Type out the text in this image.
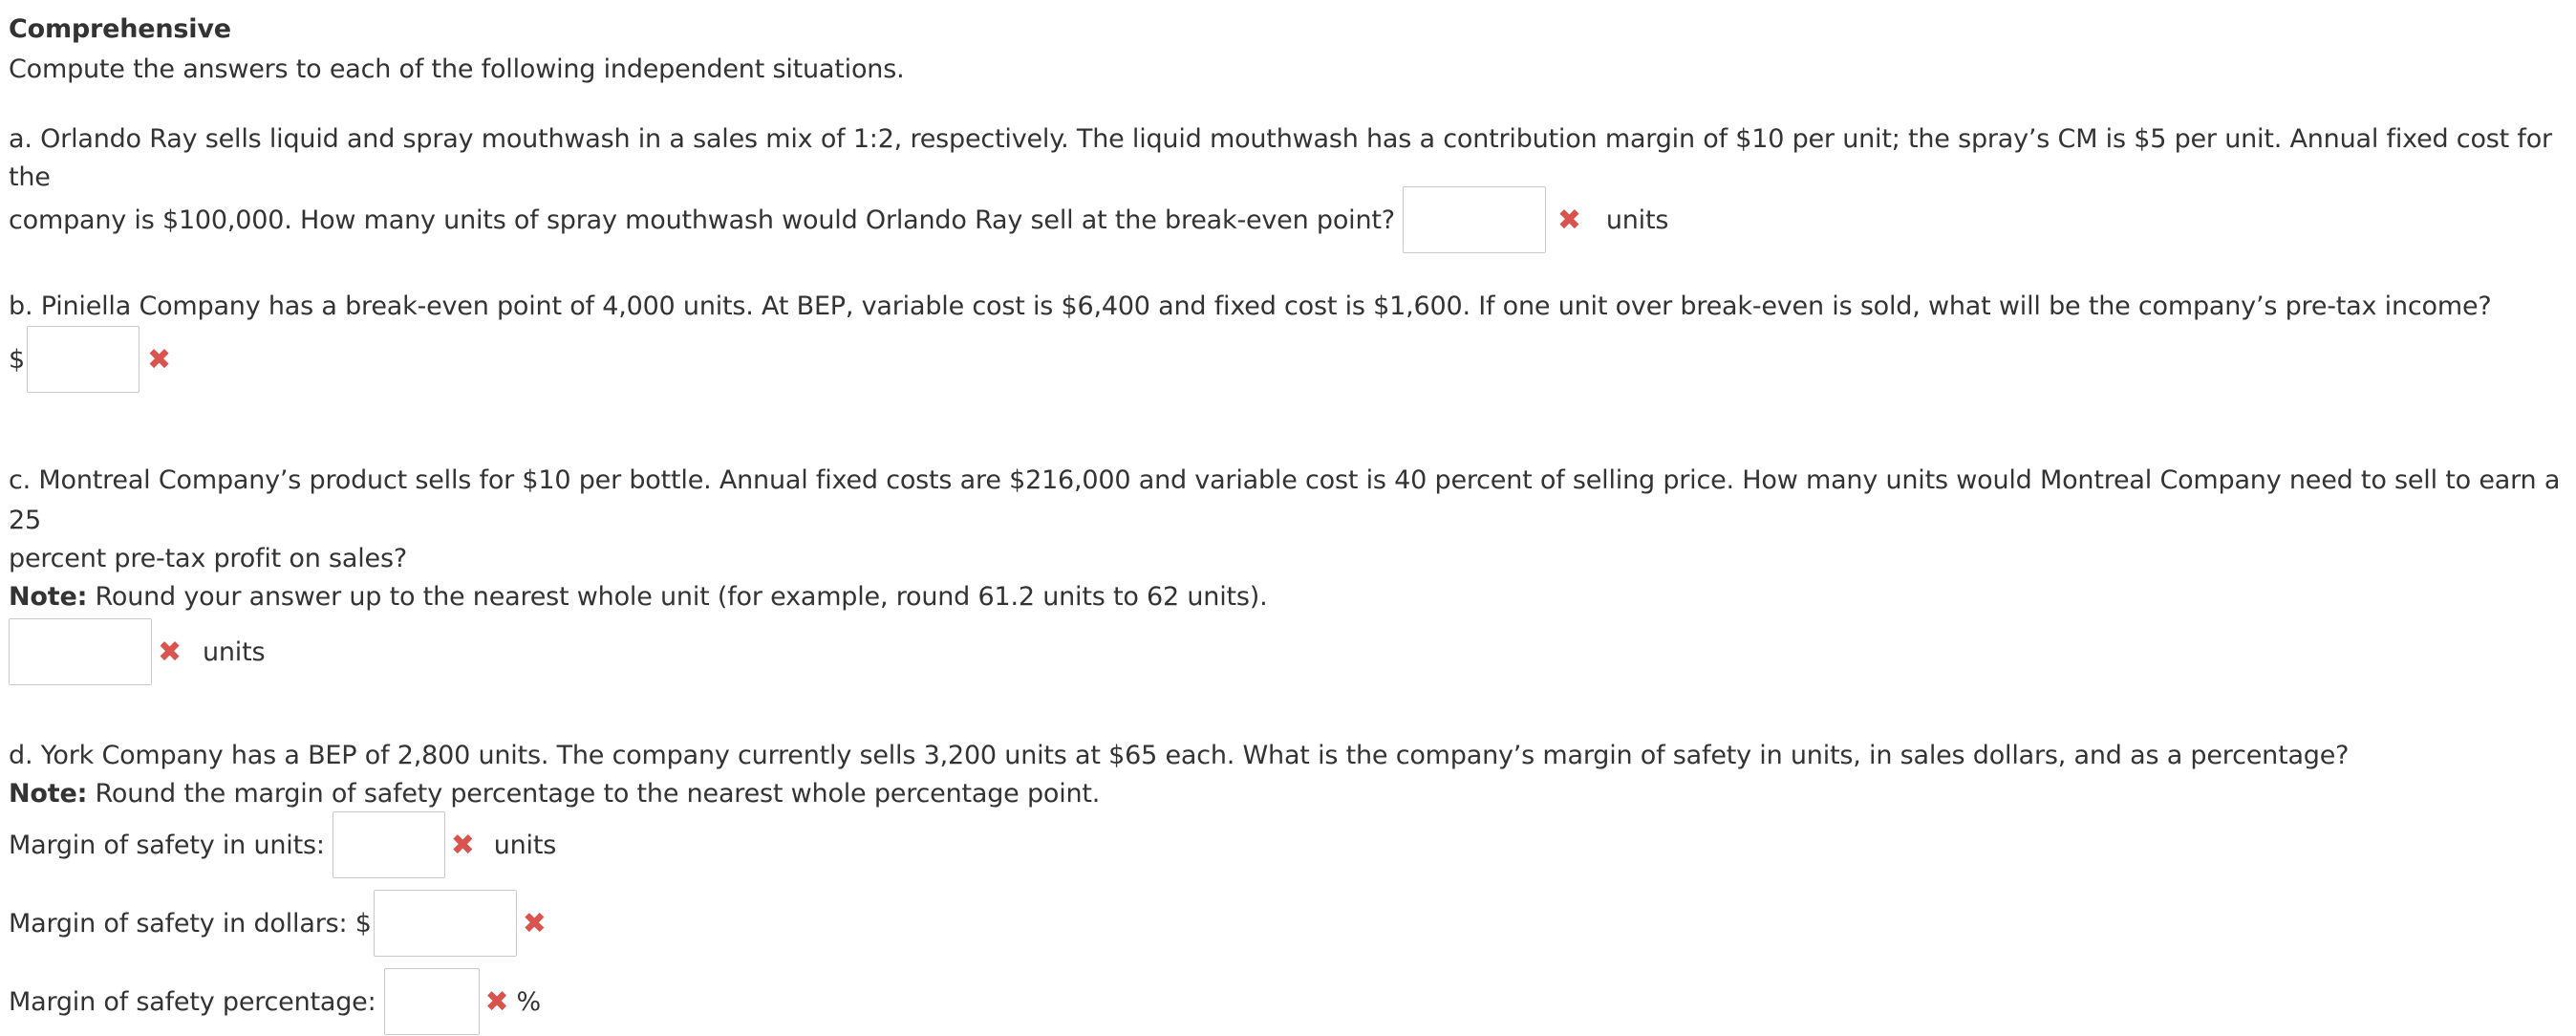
Comprehensive
Compute the answers to each of the following independent situations.
a. Orlando Ray sells liquid and spray mouthwash in a sales mix of 1:2, respectively. The liquid mouthwash has a contribution margin of $10 per unit; the spray’s CM is $5 per unit. Annual fixed cost for the
company is $100,000. How many units of spray mouthwash would Orlando Ray sell at the break-even point?	✖ units
b. Piniella Company has a break-even point of 4,000 units. At BEP, variable cost is $6,400 and fixed cost is $1,600. If one unit over break-even is sold, what will be the company’s pre-tax income?
$	✖
c. Montreal Company’s product sells for $10 per bottle. Annual fixed costs are $216,000 and variable cost is 40 percent of selling price. How many units would Montreal Company need to sell to earn a 25
percent pre-tax profit on sales?
Note: Round your answer up to the nearest whole unit (for example, round 61.2 units to 62 units).
✖ units
d. York Company has a BEP of 2,800 units. The company currently sells 3,200 units at $65 each. What is the company’s margin of safety in units, in sales dollars, and as a percentage?
Note: Round the margin of safety percentage to the nearest whole percentage point.
Margin of safety in units:	✖ units
Margin of safety in dollars: $	✖
Margin of safety percentage:	✖ %
